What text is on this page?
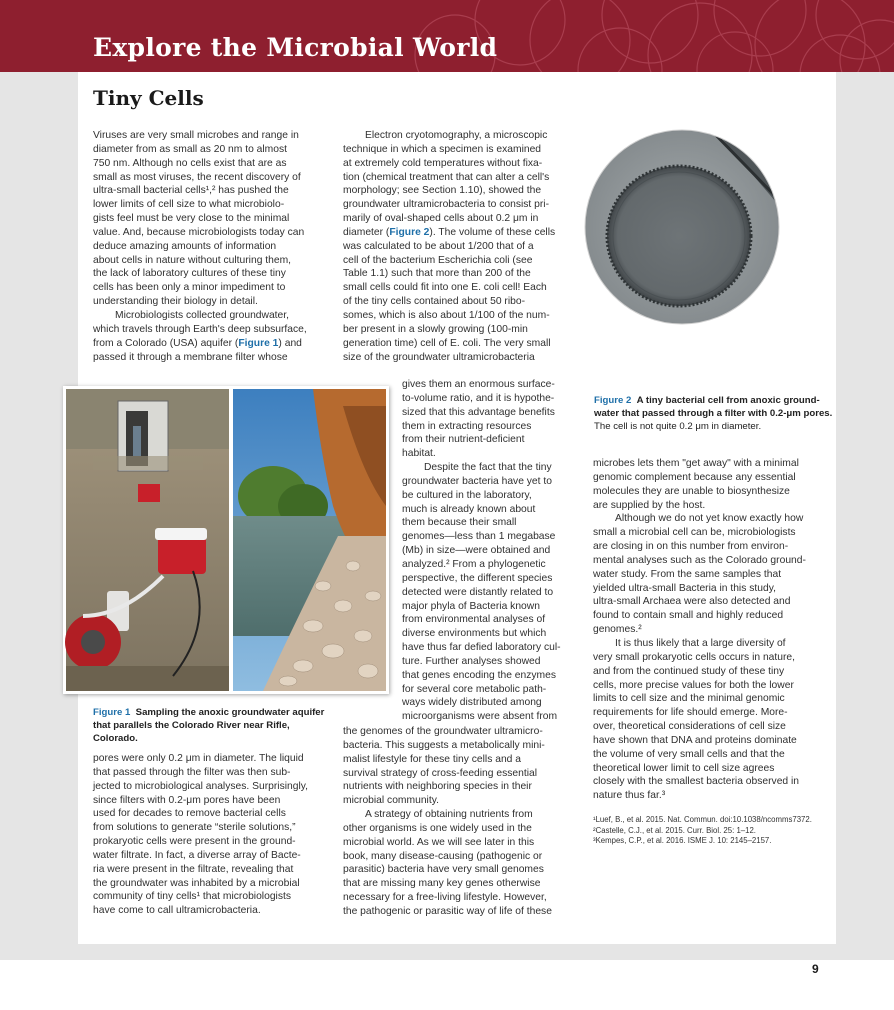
Explore the Microbial World
Tiny Cells
Viruses are very small microbes and range in
diameter from as small as 20 nm to almost
750 nm. Although no cells exist that are as
small as most viruses, the recent discovery of
ultra-small bacterial cells¹,² has pushed the
lower limits of cell size to what microbiolo-
gists feel must be very close to the minimal
value. And, because microbiologists today can
deduce amazing amounts of information
about cells in nature without culturing them,
the lack of laboratory cultures of these tiny
cells has been only a minor impediment to
understanding their biology in detail.
Microbiologists collected groundwater,
which travels through Earth's deep subsurface,
from a Colorado (USA) aquifer (Figure 1) and
passed it through a membrane filter whose
Figure 1 Sampling the anoxic groundwater aquifer
that parallels the Colorado River near Rifle, Colorado.
pores were only 0.2 μm in diameter. The liquid
that passed through the filter was then sub-
jected to microbiological analyses. Surprisingly,
since filters with 0.2-μm pores have been
used for decades to remove bacterial cells
from solutions to generate “sterile solutions,”
prokaryotic cells were present in the ground-
water filtrate. In fact, a diverse array of Bacte-
ria were present in the filtrate, revealing that
the groundwater was inhabited by a microbial
community of tiny cells¹ that microbiologists
have come to call ultramicrobacteria.
Electron cryotomography, a microscopic
technique in which a specimen is examined
at extremely cold temperatures without fixa-
tion (chemical treatment that can alter a cell's
morphology; see Section 1.10), showed the
groundwater ultramicrobacteria to consist pri-
marily of oval-shaped cells about 0.2 μm in
diameter (Figure 2). The volume of these cells
was calculated to be about 1/200 that of a
cell of the bacterium Escherichia coli (see
Table 1.1) such that more than 200 of the
small cells could fit into one E. coli cell! Each
of the tiny cells contained about 50 ribo-
somes, which is also about 1/100 of the num-
ber present in a slowly growing (100-min
generation time) cell of E. coli. The very small
size of the groundwater ultramicrobacteria
gives them an enormous surface-
to-volume ratio, and it is hypothe-
sized that this advantage benefits
them in extracting resources
from their nutrient-deficient
habitat.
Despite the fact that the tiny
groundwater bacteria have yet to
be cultured in the laboratory,
much is already known about
them because their small
genomes—less than 1 megabase
(Mb) in size—were obtained and
analyzed.² From a phylogenetic
perspective, the different species
detected were distantly related to
major phyla of Bacteria known
from environmental analyses of
diverse environments but which
have thus far defied laboratory cul-
ture. Further analyses showed
that genes encoding the enzymes
for several core metabolic path-
ways widely distributed among
microorganisms were absent from
the genomes of the groundwater ultramicro-
bacteria. This suggests a metabolically mini-
malist lifestyle for these tiny cells and a
survival strategy of cross-feeding essential
nutrients with neighboring species in their
microbial community.
A strategy of obtaining nutrients from
other organisms is one widely used in the
microbial world. As we will see later in this
book, many disease-causing (pathogenic or
parasitic) bacteria have very small genomes
that are missing many key genes otherwise
necessary for a free-living lifestyle. However,
the pathogenic or parasitic way of life of these
Figure 2 A tiny bacterial cell from anoxic ground-
water that passed through a filter with 0.2-μm pores.
The cell is not quite 0.2 μm in diameter.
microbes lets them "get away" with a minimal
genomic complement because any essential
molecules they are unable to biosynthesize
are supplied by the host.
Although we do not yet know exactly how
small a microbial cell can be, microbiologists
are closing in on this number from environ-
mental analyses such as the Colorado ground-
water study. From the same samples that
yielded ultra-small Bacteria in this study,
ultra-small Archaea were also detected and
found to contain small and highly reduced
genomes.²
It is thus likely that a large diversity of
very small prokaryotic cells occurs in nature,
and from the continued study of these tiny
cells, more precise values for both the lower
limits to cell size and the minimal genomic
requirements for life should emerge. More-
over, theoretical considerations of cell size
have shown that DNA and proteins dominate
the volume of very small cells and that the
theoretical lower limit to cell size agrees
closely with the smallest bacteria observed in
nature thus far.³
¹Luef, B., et al. 2015. Nat. Commun. doi:10.1038/ncomms7372.
²Castelle, C.J., et al. 2015. Curr. Biol. 25: 1–12.
³Kempes, C.P., et al. 2016. ISME J. 10: 2145–2157.
9
